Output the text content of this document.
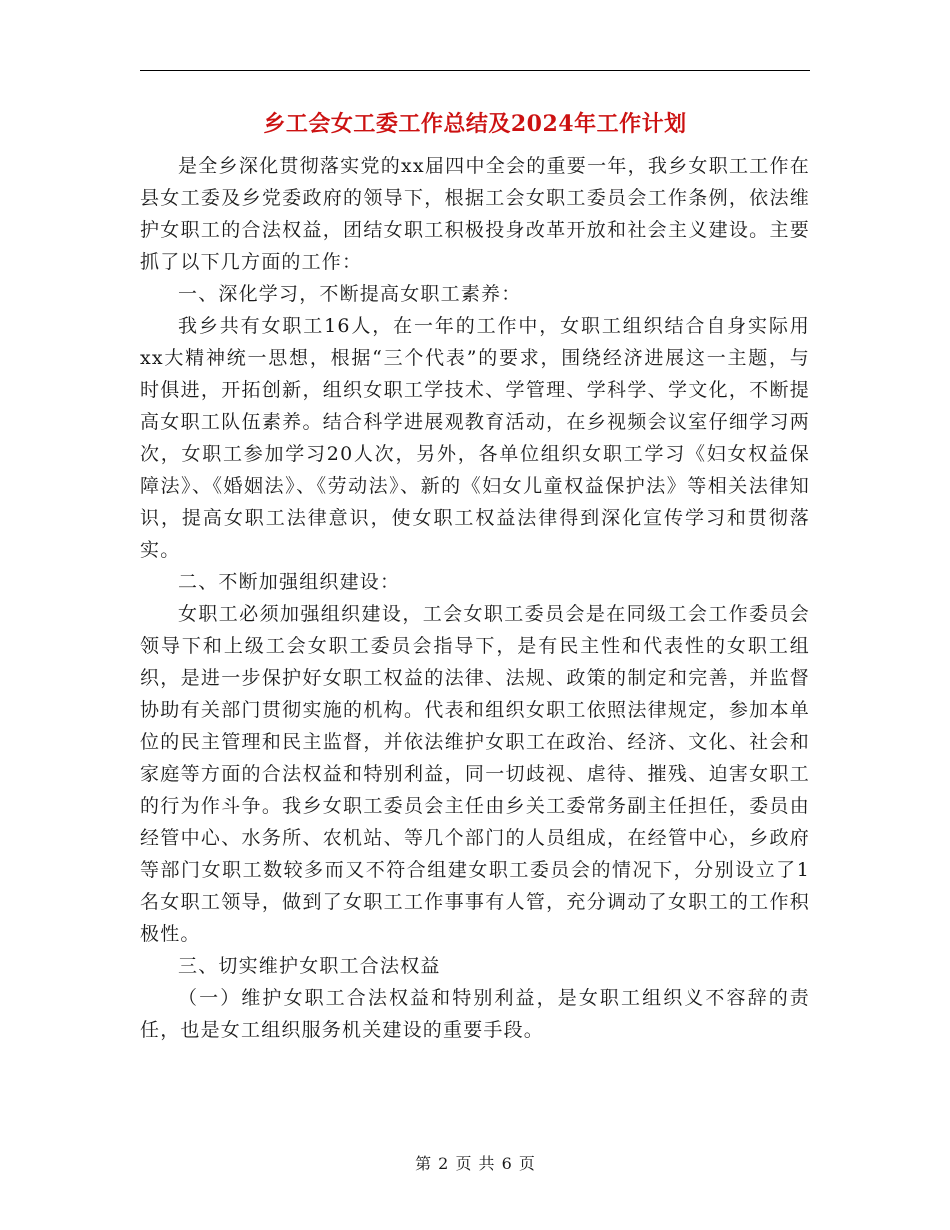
乡工会女工委工作总结及2024年工作计划

是全乡深化贯彻落实党的xx届四中全会的重要一年，我乡女职工工作在县女工委及乡党委政府的领导下，根据工会女职工委员会工作条例，依法维护女职工的合法权益，团结女职工积极投身改革开放和社会主义建设。主要抓了以下几方面的工作：

一、深化学习，不断提高女职工素养：

我乡共有女职工16人，在一年的工作中，女职工组织结合自身实际用xx大精神统一思想，根据“三个代表”的要求，围绕经济进展这一主题，与时俱进，开拓创新，组织女职工学技术、学管理、学科学、学文化，不断提高女职工队伍素养。结合科学进展观教育活动，在乡视频会议室仔细学习两次，女职工参加学习20人次，另外，各单位组织女职工学习《妇女权益保障法》、《婚姻法》、《劳动法》、新的《妇女儿童权益保护法》等相关法律知识，提高女职工法律意识，使女职工权益法律得到深化宣传学习和贯彻落实。

二、不断加强组织建设：

女职工必须加强组织建设，工会女职工委员会是在同级工会工作委员会领导下和上级工会女职工委员会指导下，是有民主性和代表性的女职工组织，是进一步保护好女职工权益的法律、法规、政策的制定和完善，并监督协助有关部门贯彻实施的机构。代表和组织女职工依照法律规定，参加本单位的民主管理和民主监督，并依法维护女职工在政治、经济、文化、社会和家庭等方面的合法权益和特别利益，同一切歧视、虐待、摧残、迫害女职工的行为作斗争。我乡女职工委员会主任由乡关工委常务副主任担任，委员由经管中心、水务所、农机站、等几个部门的人员组成，在经管中心，乡政府等部门女职工数较多而又不符合组建女职工委员会的情况下，分别设立了1名女职工领导，做到了女职工工作事事有人管，充分调动了女职工的工作积极性。

三、切实维护女职工合法权益

（一）维护女职工合法权益和特别利益，是女职工组织义不容辞的责任，也是女工组织服务机关建设的重要手段。

第 2 页 共 6 页
